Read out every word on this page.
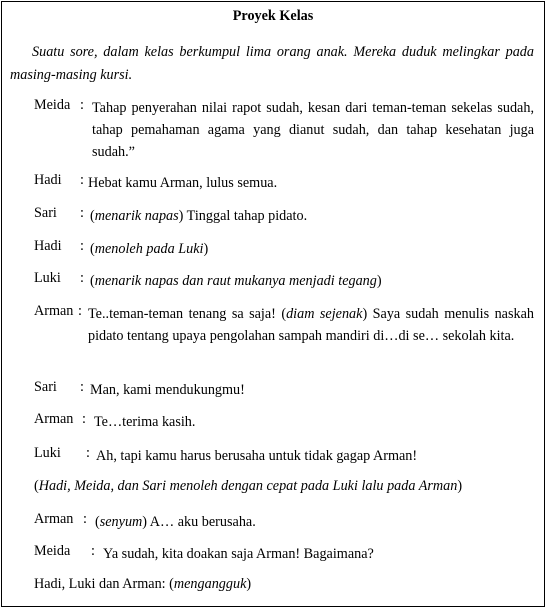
Proyek Kelas
Suatu sore, dalam kelas berkumpul lima orang anak. Mereka duduk melingkar pada masing-masing kursi.
Meida : Tahap penyerahan nilai rapot sudah, kesan dari teman-teman sekelas sudah, tahap pemahaman agama yang dianut sudah, dan tahap kesehatan juga sudah.”
Hadi : Hebat kamu Arman, lulus semua.
Sari : (menarik napas) Tinggal tahap pidato.
Hadi : (menoleh pada Luki)
Luki : (menarik napas dan raut mukanya menjadi tegang)
Arman : Te..teman-teman tenang sa saja! (diam sejenak) Saya sudah menulis naskah pidato tentang upaya pengolahan sampah mandiri di…di se… sekolah kita.
Sari : Man, kami mendukungmu!
Arman : Te…terima kasih.
Luki : Ah, tapi kamu harus berusaha untuk tidak gagap Arman!
Arman : (senyum) A… aku berusaha.
Meida : Ya sudah, kita doakan saja Arman! Bagaimana?
(Hadi, Meida, dan Sari menoleh dengan cepat pada Luki lalu pada Arman)
Hadi, Luki dan Arman: (mengangguk)
